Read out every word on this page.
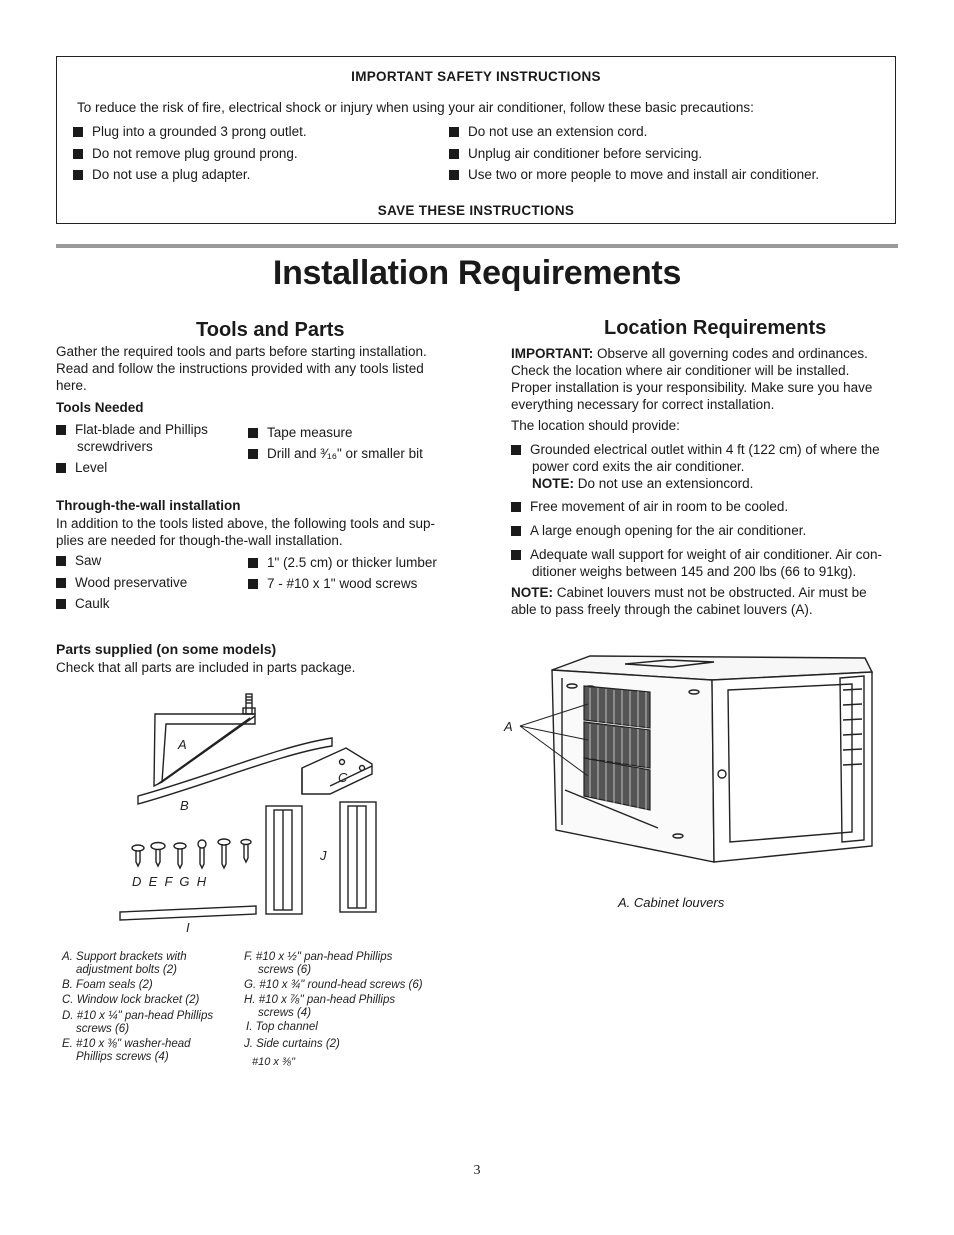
IMPORTANT SAFETY INSTRUCTIONS
To reduce the risk of fire, electrical shock or injury when using your air conditioner, follow these basic precautions:
Plug into a grounded 3 prong outlet.
Do not remove plug ground prong.
Do not use a plug adapter.
Do not use an extension cord.
Unplug air conditioner before servicing.
Use two or more people to move and install air conditioner.
SAVE THESE INSTRUCTIONS
Installation Requirements
Tools and Parts
Gather the required tools and parts before starting installation.
Read and follow the instructions provided with any tools listed
here.
Tools Needed
Flat-blade and Phillips
screwdrivers
Level
Tape measure
Drill and ³⁄₁₆" or smaller bit
Through-the-wall installation
In addition to the tools listed above, the following tools and sup-
plies are needed for though-the-wall installation.
Saw
Wood preservative
Caulk
1" (2.5 cm) or thicker lumber
7 - #10 x 1" wood screws
Parts supplied (on some models)
Check that all parts are included in parts package.
A
B
C
J
D  E  F  G  H
I
A. Support brackets with
adjustment bolts (2)
B. Foam seals (2)
C. Window lock bracket (2)
D. #10 x ¼" pan-head Phillips
screws (6)
E. #10 x ⅜" washer-head
Phillips screws (4)
F. #10 x ½" pan-head Phillips
screws (6)
G. #10 x ¾" round-head screws (6)
H. #10 x ⅞" pan-head Phillips
screws (4)
I. Top channel
J. Side curtains (2)
#10 x ⅜"
Location Requirements
IMPORTANT: Observe all governing codes and ordinances.
Check the location where air conditioner will be installed.
Proper installation is your responsibility. Make sure you have
everything necessary for correct installation.
The location should provide:
Grounded electrical outlet within 4 ft (122 cm) of where the
power cord exits the air conditioner.
NOTE: Do not use an extensioncord.
Free movement of air in room to be cooled.
A large enough opening for the air conditioner.
Adequate wall support for weight of air conditioner. Air con-
ditioner weighs between 145 and 200 lbs (66 to 91kg).
NOTE: Cabinet louvers must not be obstructed. Air must be
able to pass freely through the cabinet louvers (A).
A
A. Cabinet louvers
3
